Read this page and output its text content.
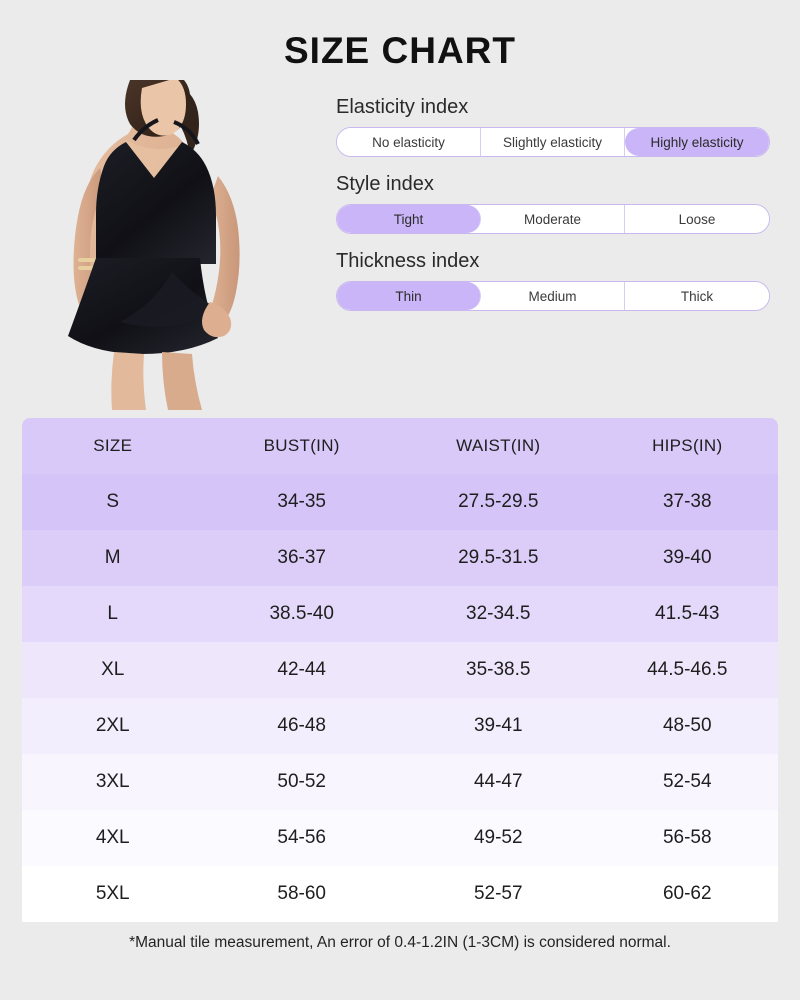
SIZE CHART
Elasticity index
No elasticity	Slightly elasticity	Highly elasticity
Style index
Tight	Moderate	Loose
Thickness index
Thin	Medium	Thick
SIZE	BUST(IN)	WAIST(IN)	HIPS(IN)
S	34-35	27.5-29.5	37-38
M	36-37	29.5-31.5	39-40
L	38.5-40	32-34.5	41.5-43
XL	42-44	35-38.5	44.5-46.5
2XL	46-48	39-41	48-50
3XL	50-52	44-47	52-54
4XL	54-56	49-52	56-58
5XL	58-60	52-57	60-62
*Manual tile measurement, An error of 0.4-1.2IN (1-3CM) is considered normal.
